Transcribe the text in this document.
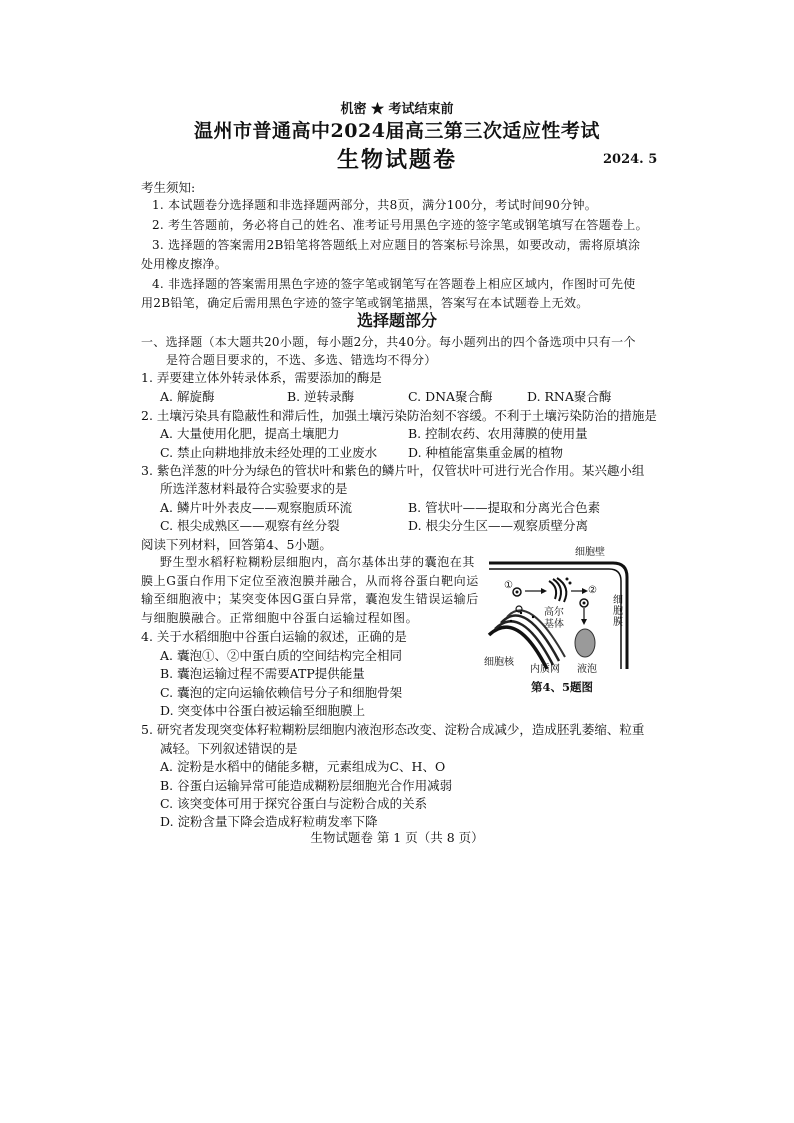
机密 ★ 考试结束前
温州市普通高中2024届高三第三次适应性考试
生物试题卷	2024. 5
考生须知:
1. 本试题卷分选择题和非选择题两部分，共8页，满分100分，考试时间90分钟。
2. 考生答题前，务必将自己的姓名、准考证号用黑色字迹的签字笔或钢笔填写在答题卷上。
3. 选择题的答案需用2B铅笔将答题纸上对应题目的答案标号涂黑，如要改动，需将原填涂
处用橡皮擦净。
4. 非选择题的答案需用黑色字迹的签字笔或钢笔写在答题卷上相应区域内，作图时可先使
用2B铅笔，确定后需用黑色字迹的签字笔或钢笔描黑，答案写在本试题卷上无效。
选择题部分
一、选择题（本大题共20小题，每小题2分，共40分。每小题列出的四个备选项中只有一个
是符合题目要求的，不选、多选、错选均不得分）
1. 弄要建立体外转录体系，需要添加的酶是
A. 解旋酶	B. 逆转录酶	C. DNA聚合酶	D. RNA聚合酶
2. 土壤污染具有隐蔽性和滞后性，加强土壤污染防治刻不容缓。不利于土壤污染防治的措施是
A. 大量使用化肥，提高土壤肥力	B. 控制农药、农用薄膜的使用量
C. 禁止向耕地排放未经处理的工业废水 D. 种植能富集重金属的植物
3. 紫色洋葱的叶分为绿色的管状叶和紫色的鳞片叶，仅管状叶可进行光合作用。某兴趣小组
所选洋葱材料最符合实验要求的是
A. 鳞片叶外表皮——观察胞质环流	B. 管状叶——提取和分离光合色素
C. 根尖成熟区——观察有丝分裂	D. 根尖分生区——观察质壁分离
阅读下列材料，回答第4、5小题。
野生型水稻籽粒糊粉层细胞内，高尔基体出芽的囊泡在其
膜上G蛋白作用下定位至液泡膜并融合，从而将谷蛋白靶向运
输至细胞液中；某突变体因G蛋白异常，囊泡发生错误运输后
与细胞膜融合。正常细胞中谷蛋白运输过程如图。
4. 关于水稻细胞中谷蛋白运输的叙述，正确的是
A. 囊泡①、②中蛋白质的空间结构完全相同
B. 囊泡运输过程不需要ATP提供能量
C. 囊泡的定向运输依赖信号分子和细胞骨架
D. 突变体中谷蛋白被运输至细胞膜上
细胞壁
细胞膜
①	②
高尔
基体
细胞核
内质网 液泡
第4、5题图
5. 研究者发现突变体籽粒糊粉层细胞内液泡形态改变、淀粉合成减少，造成胚乳萎缩、粒重
减轻。下列叙述错误的是
A. 淀粉是水稻中的储能多糖，元素组成为C、H、O
B. 谷蛋白运输异常可能造成糊粉层细胞光合作用减弱
C. 该突变体可用于探究谷蛋白与淀粉合成的关系
D. 淀粉含量下降会造成籽粒萌发率下降
生物试题卷 第 1 页（共 8 页）
